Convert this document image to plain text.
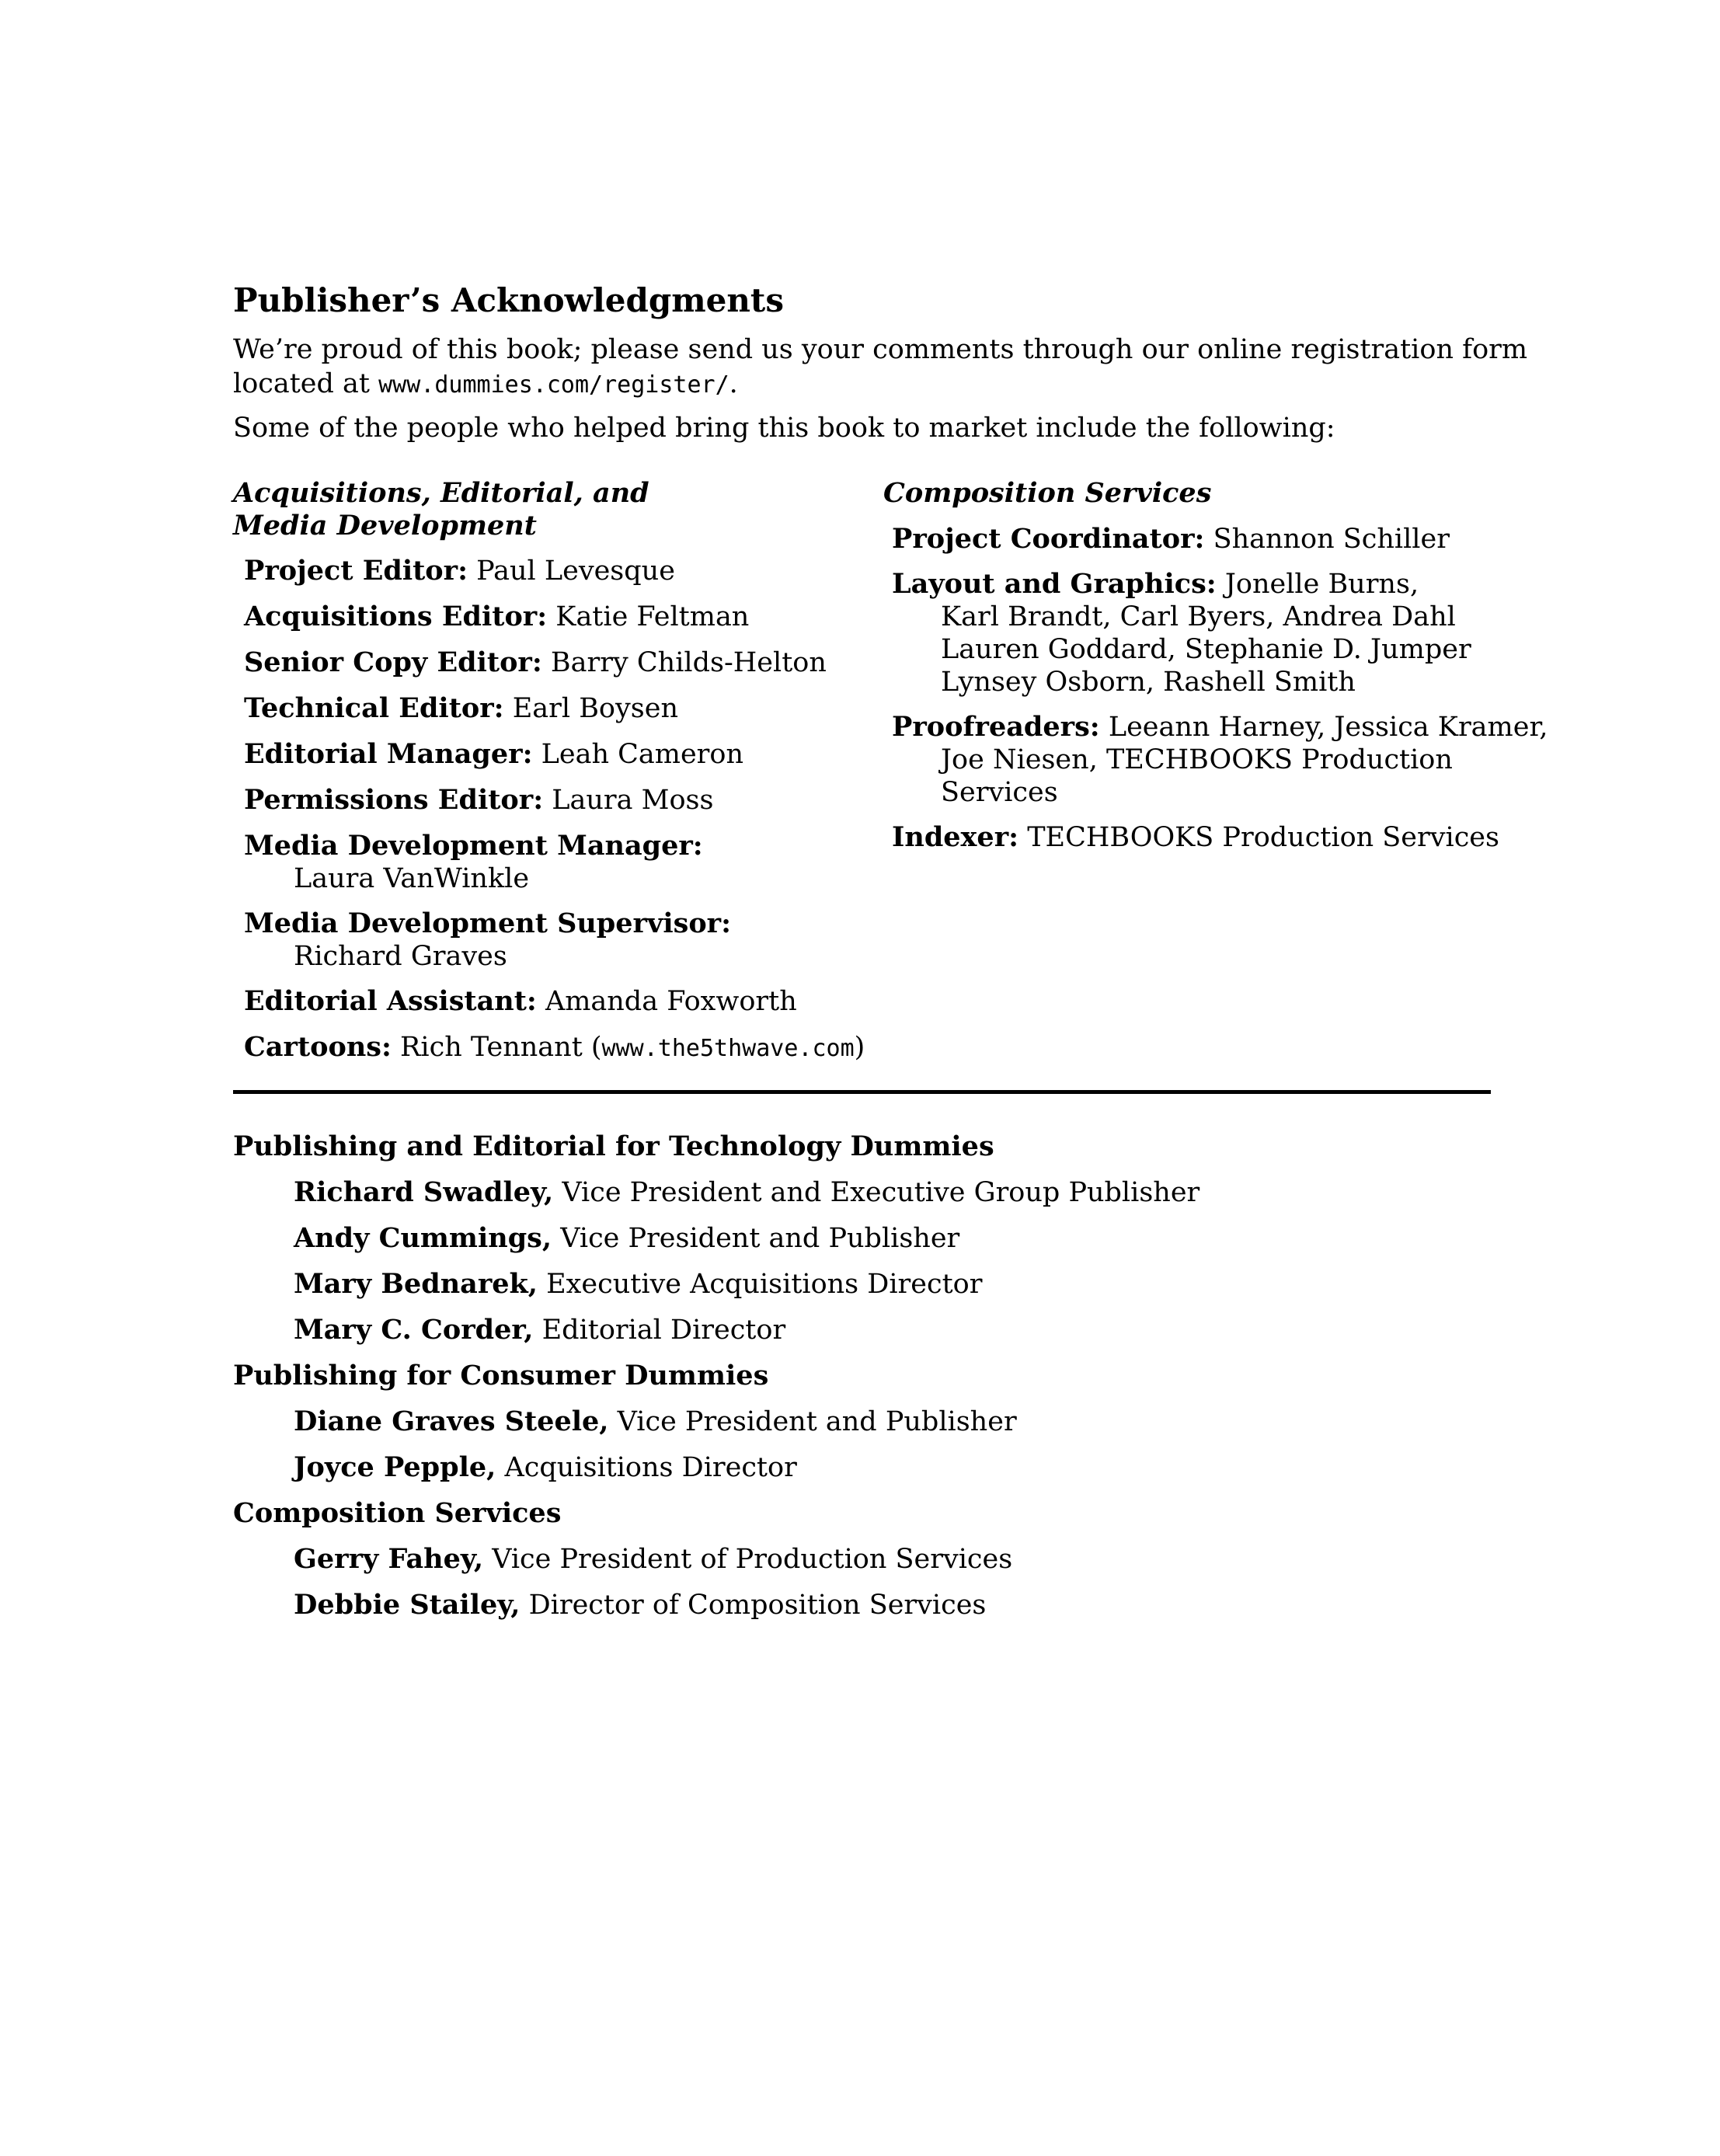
Publisher’s Acknowledgments
We’re proud of this book; please send us your comments through our online registration form
located at www.dummies.com/register/.
Some of the people who helped bring this book to market include the following:
Acquisitions, Editorial, and
Media Development
Project Editor: Paul Levesque
Acquisitions Editor: Katie Feltman
Senior Copy Editor: Barry Childs-Helton
Technical Editor: Earl Boysen
Editorial Manager: Leah Cameron
Permissions Editor: Laura Moss
Media Development Manager:
Laura VanWinkle
Media Development Supervisor:
Richard Graves
Editorial Assistant: Amanda Foxworth
Cartoons: Rich Tennant (www.the5thwave.com)
Composition Services
Project Coordinator: Shannon Schiller
Layout and Graphics: Jonelle Burns,
Karl Brandt, Carl Byers, Andrea Dahl
Lauren Goddard, Stephanie D. Jumper
Lynsey Osborn, Rashell Smith
Proofreaders: Leeann Harney, Jessica Kramer,
Joe Niesen, TECHBOOKS Production
Services
Indexer: TECHBOOKS Production Services
Publishing and Editorial for Technology Dummies
Richard Swadley, Vice President and Executive Group Publisher
Andy Cummings, Vice President and Publisher
Mary Bednarek, Executive Acquisitions Director
Mary C. Corder, Editorial Director
Publishing for Consumer Dummies
Diane Graves Steele, Vice President and Publisher
Joyce Pepple, Acquisitions Director
Composition Services
Gerry Fahey, Vice President of Production Services
Debbie Stailey, Director of Composition Services
